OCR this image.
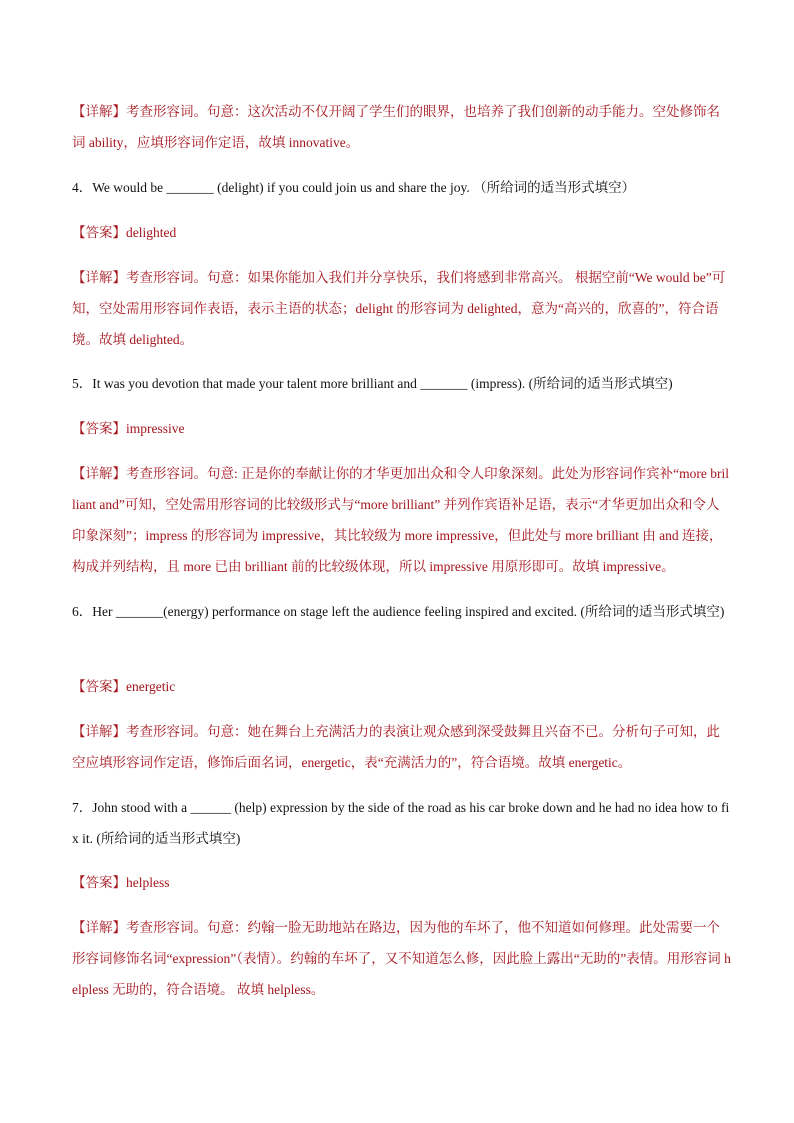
【详解】考查形容词。句意：这次活动不仅开阔了学生们的眼界，也培养了我们创新的动手能力。空处修饰名词 ability，应填形容词作定语，故填 innovative。

4．We would be _______ (delight) if you could join us and share the joy. （所给词的适当形式填空）

【答案】delighted

【详解】考查形容词。句意：如果你能加入我们并分享快乐，我们将感到非常高兴。 根据空前“We would be”可知，空处需用形容词作表语，表示主语的状态；delight 的形容词为 delighted，意为“高兴的，欣喜的”，符合语境。故填 delighted。

5．It was you devotion that made your talent more brilliant and _______ (impress). (所给词的适当形式填空)

【答案】impressive

【详解】考查形容词。句意: 正是你的奉献让你的才华更加出众和令人印象深刻。此处为形容词作宾补“more brilliant and”可知，空处需用形容词的比较级形式与“more brilliant” 并列作宾语补足语，表示“才华更加出众和令人印象深刻”；impress 的形容词为 impressive，其比较级为 more impressive，但此处与 more brilliant 由 and 连接，构成并列结构，且 more 已由 brilliant 前的比较级体现，所以 impressive 用原形即可。故填 impressive。

6．Her _______(energy) performance on stage left the audience feeling inspired and excited. (所给词的适当形式填空)

【答案】energetic

【详解】考查形容词。句意：她在舞台上充满活力的表演让观众感到深受鼓舞且兴奋不已。分析句子可知，此空应填形容词作定语，修饰后面名词，energetic，表“充满活力的”，符合语境。故填 energetic。

7．John stood with a ______ (help) expression by the side of the road as his car broke down and he had no idea how to fix it. (所给词的适当形式填空)

【答案】helpless

【详解】考查形容词。句意：约翰一脸无助地站在路边，因为他的车坏了，他不知道如何修理。此处需要一个形容词修饰名词“expression”（表情）。约翰的车坏了，又不知道怎么修，因此脸上露出“无助的”表情。用形容词 helpless 无助的，符合语境。 故填 helpless。
